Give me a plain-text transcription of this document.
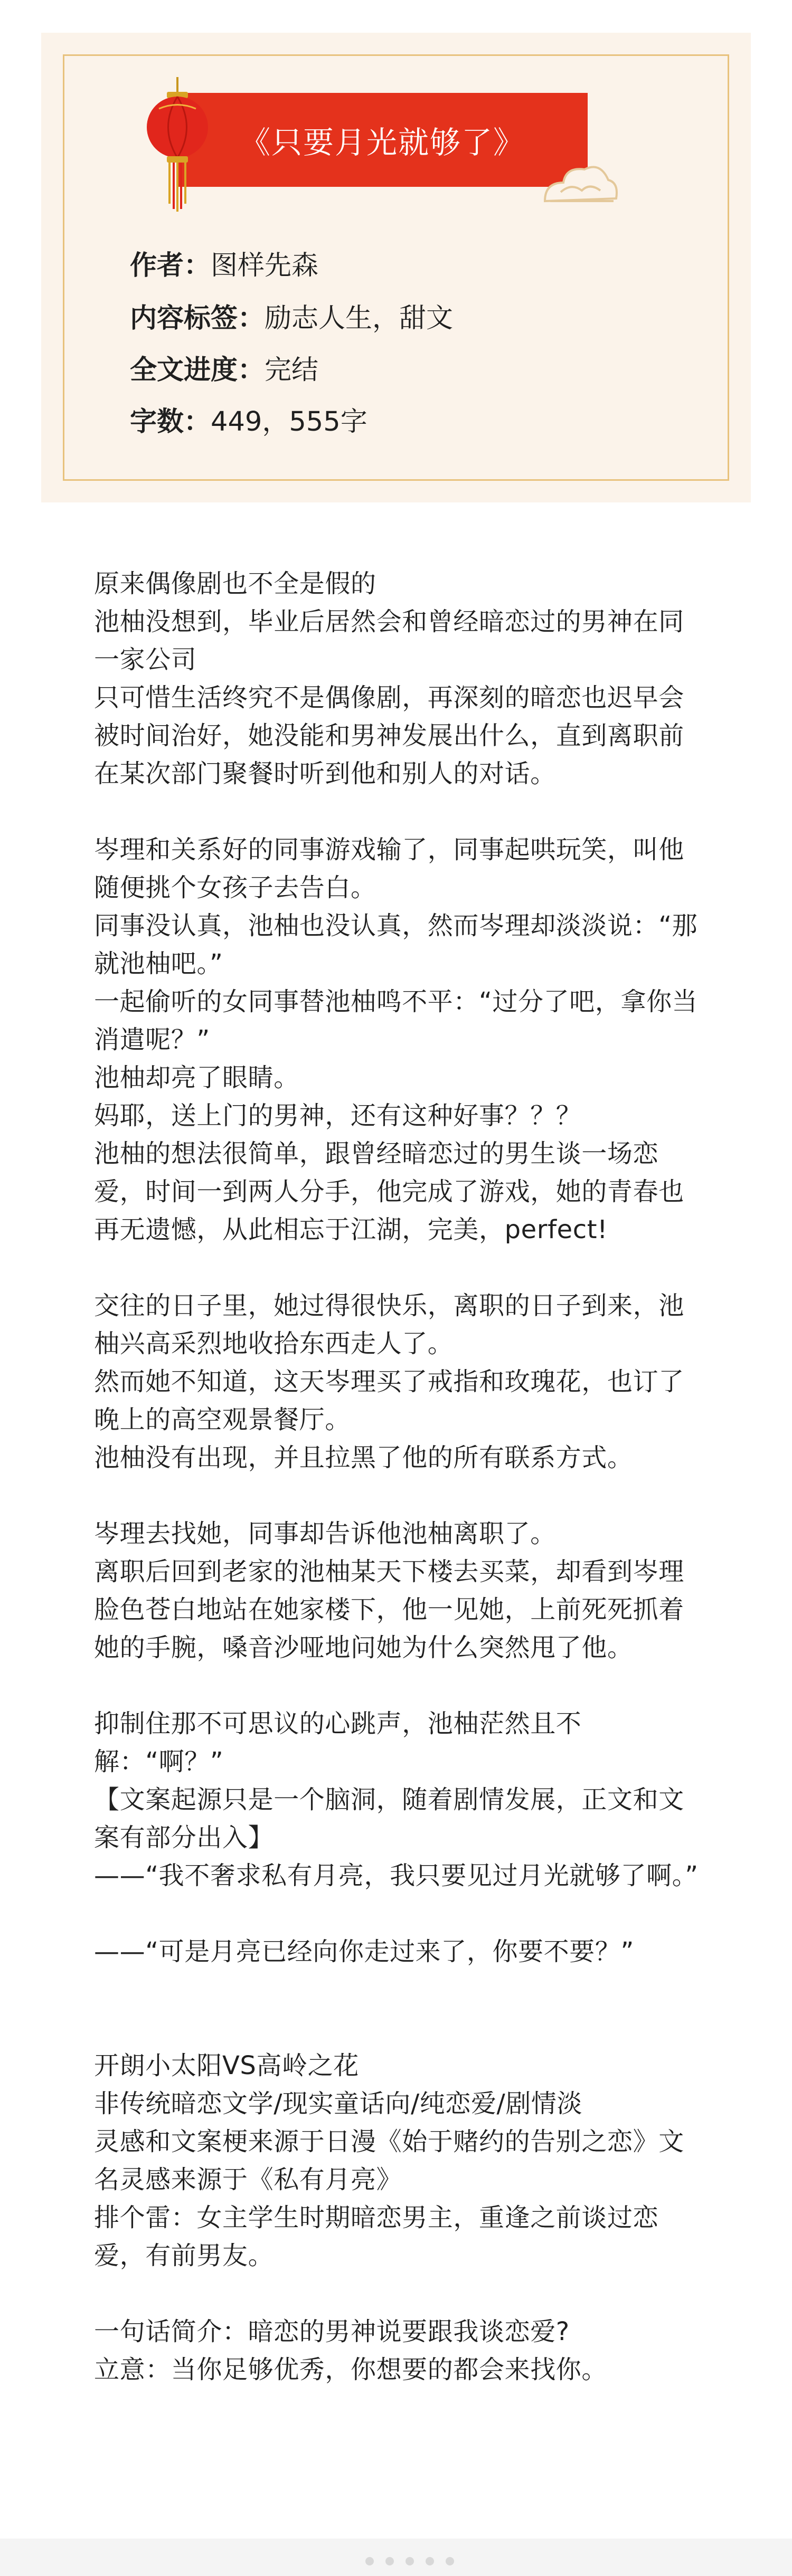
《只要月光就够了》
作者：图样先森
内容标签：励志人生，甜文
全文进度：完结
字数：449，555字

原来偶像剧也不全是假的

池柚没想到，毕业后居然会和曾经暗恋过的男神在同一家公司

只可惜生活终究不是偶像剧，再深刻的暗恋也迟早会被时间治好，她没能和男神发展出什么，直到离职前在某次部门聚餐时听到他和别人的对话。

岑理和关系好的同事游戏输了，同事起哄玩笑，叫他随便挑个女孩子去告白。

同事没认真，池柚也没认真，然而岑理却淡淡说：“那就池柚吧。”

一起偷听的女同事替池柚鸣不平：“过分了吧，拿你当消遣呢？”

池柚却亮了眼睛。

妈耶，送上门的男神，还有这种好事？？？

池柚的想法很简单，跟曾经暗恋过的男生谈一场恋爱，时间一到两人分手，他完成了游戏，她的青春也再无遗憾，从此相忘于江湖，完美，perfect!

交往的日子里，她过得很快乐，离职的日子到来，池柚兴高采烈地收拾东西走人了。

然而她不知道，这天岑理买了戒指和玫瑰花，也订了晚上的高空观景餐厅。

池柚没有出现，并且拉黑了他的所有联系方式。

岑理去找她，同事却告诉他池柚离职了。

离职后回到老家的池柚某天下楼去买菜，却看到岑理脸色苍白地站在她家楼下，他一见她，上前死死抓着她的手腕，嗓音沙哑地问她为什么突然甩了他。

抑制住那不可思议的心跳声，池柚茫然且不解：“啊？”

【文案起源只是一个脑洞，随着剧情发展，正文和文案有部分出入】

——“我不奢求私有月亮，我只要见过月光就够了啊。”

——“可是月亮已经向你走过来了，你要不要？”

开朗小太阳VS高岭之花

非传统暗恋文学/现实童话向/纯恋爱/剧情淡

灵感和文案梗来源于日漫《始于赌约的告别之恋》文名灵感来源于《私有月亮》

排个雷：女主学生时期暗恋男主，重逢之前谈过恋爱，有前男友。

一句话简介：暗恋的男神说要跟我谈恋爱?

立意：当你足够优秀，你想要的都会来找你。
